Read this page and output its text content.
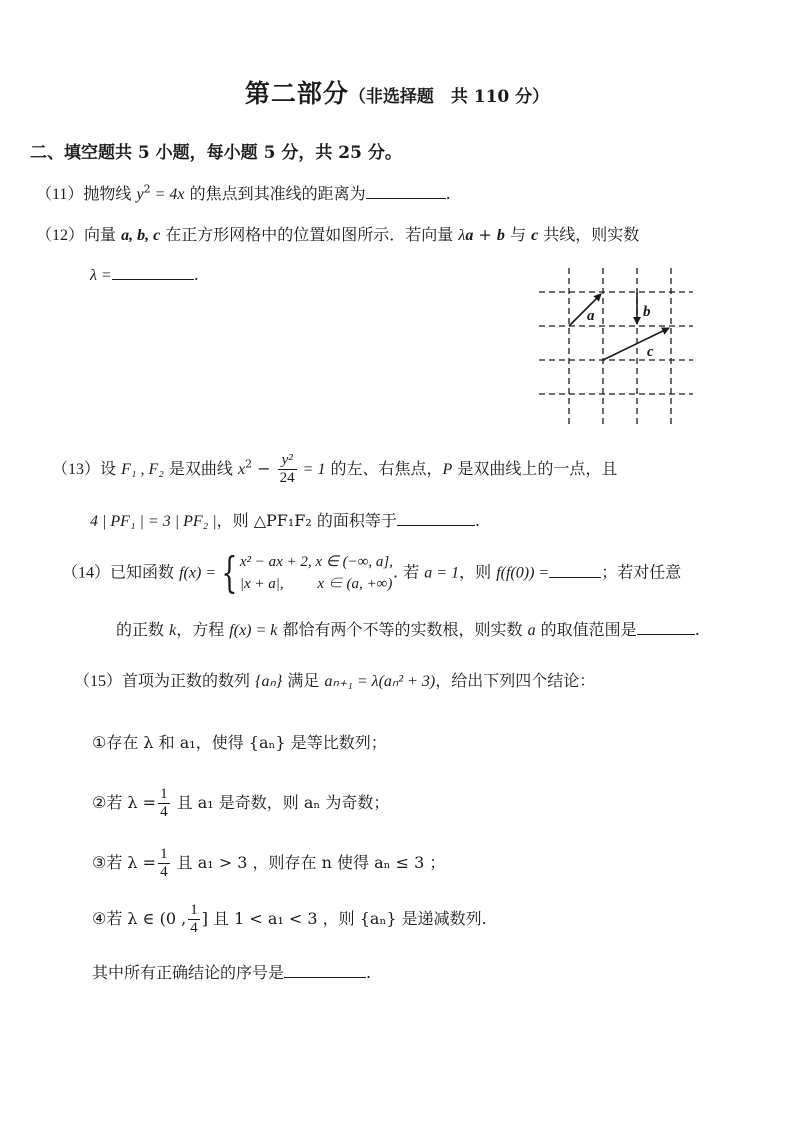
第二部分（非选择题　共 110 分）
二、填空题共 5 小题，每小题 5 分，共 25 分。
（11）抛物线 $y^2 = 4x$ 的焦点到其准线的距离为	.
（12）向量 a, b, c 在正方形网格中的位置如图所示．若向量 λa + b 与 c 共线，则实数
λ =	.
a	b
c
（13）设 F₁ , F₂ 是双曲线 $x^2 - \frac{\text{y²}}{24} = 1$ 的左、右焦点，P 是双曲线上的一点，且
4 | PF₁ | = 3 | PF₂ |，则 △PF₁F₂ 的面积等于	.
（14）已知函数 f(x) = { x² − ax + 2, x ∈ (−∞, a],
|x + a|,　　 x ∈ (a, +∞)
. 若 a = 1，则 f(f(0)) =	；若对任意
的正数 k，方程 f(x) = k 都恰有两个不等的实数根，则实数 a 的取值范围是	.
（15）首项为正数的数列 {aₙ} 满足 aₙ₊₁ = λ(aₙ² + 3)，给出下列四个结论：
①存在 λ 和 a₁，使得 {aₙ} 是等比数列；
②若 $\lambda = \frac{1}{4}$ 且 a₁ 是奇数，则 aₙ 为奇数；
③若 $\lambda = \frac{1}{4}$ 且 a₁ > 3 ，则存在 n 使得 aₙ ≤ 3 ；
④若 λ ∈ (0 , $\frac{1}{4}$ ] 且 1 < a₁ < 3 ，则 {aₙ} 是递减数列.
其中所有正确结论的序号是	.
